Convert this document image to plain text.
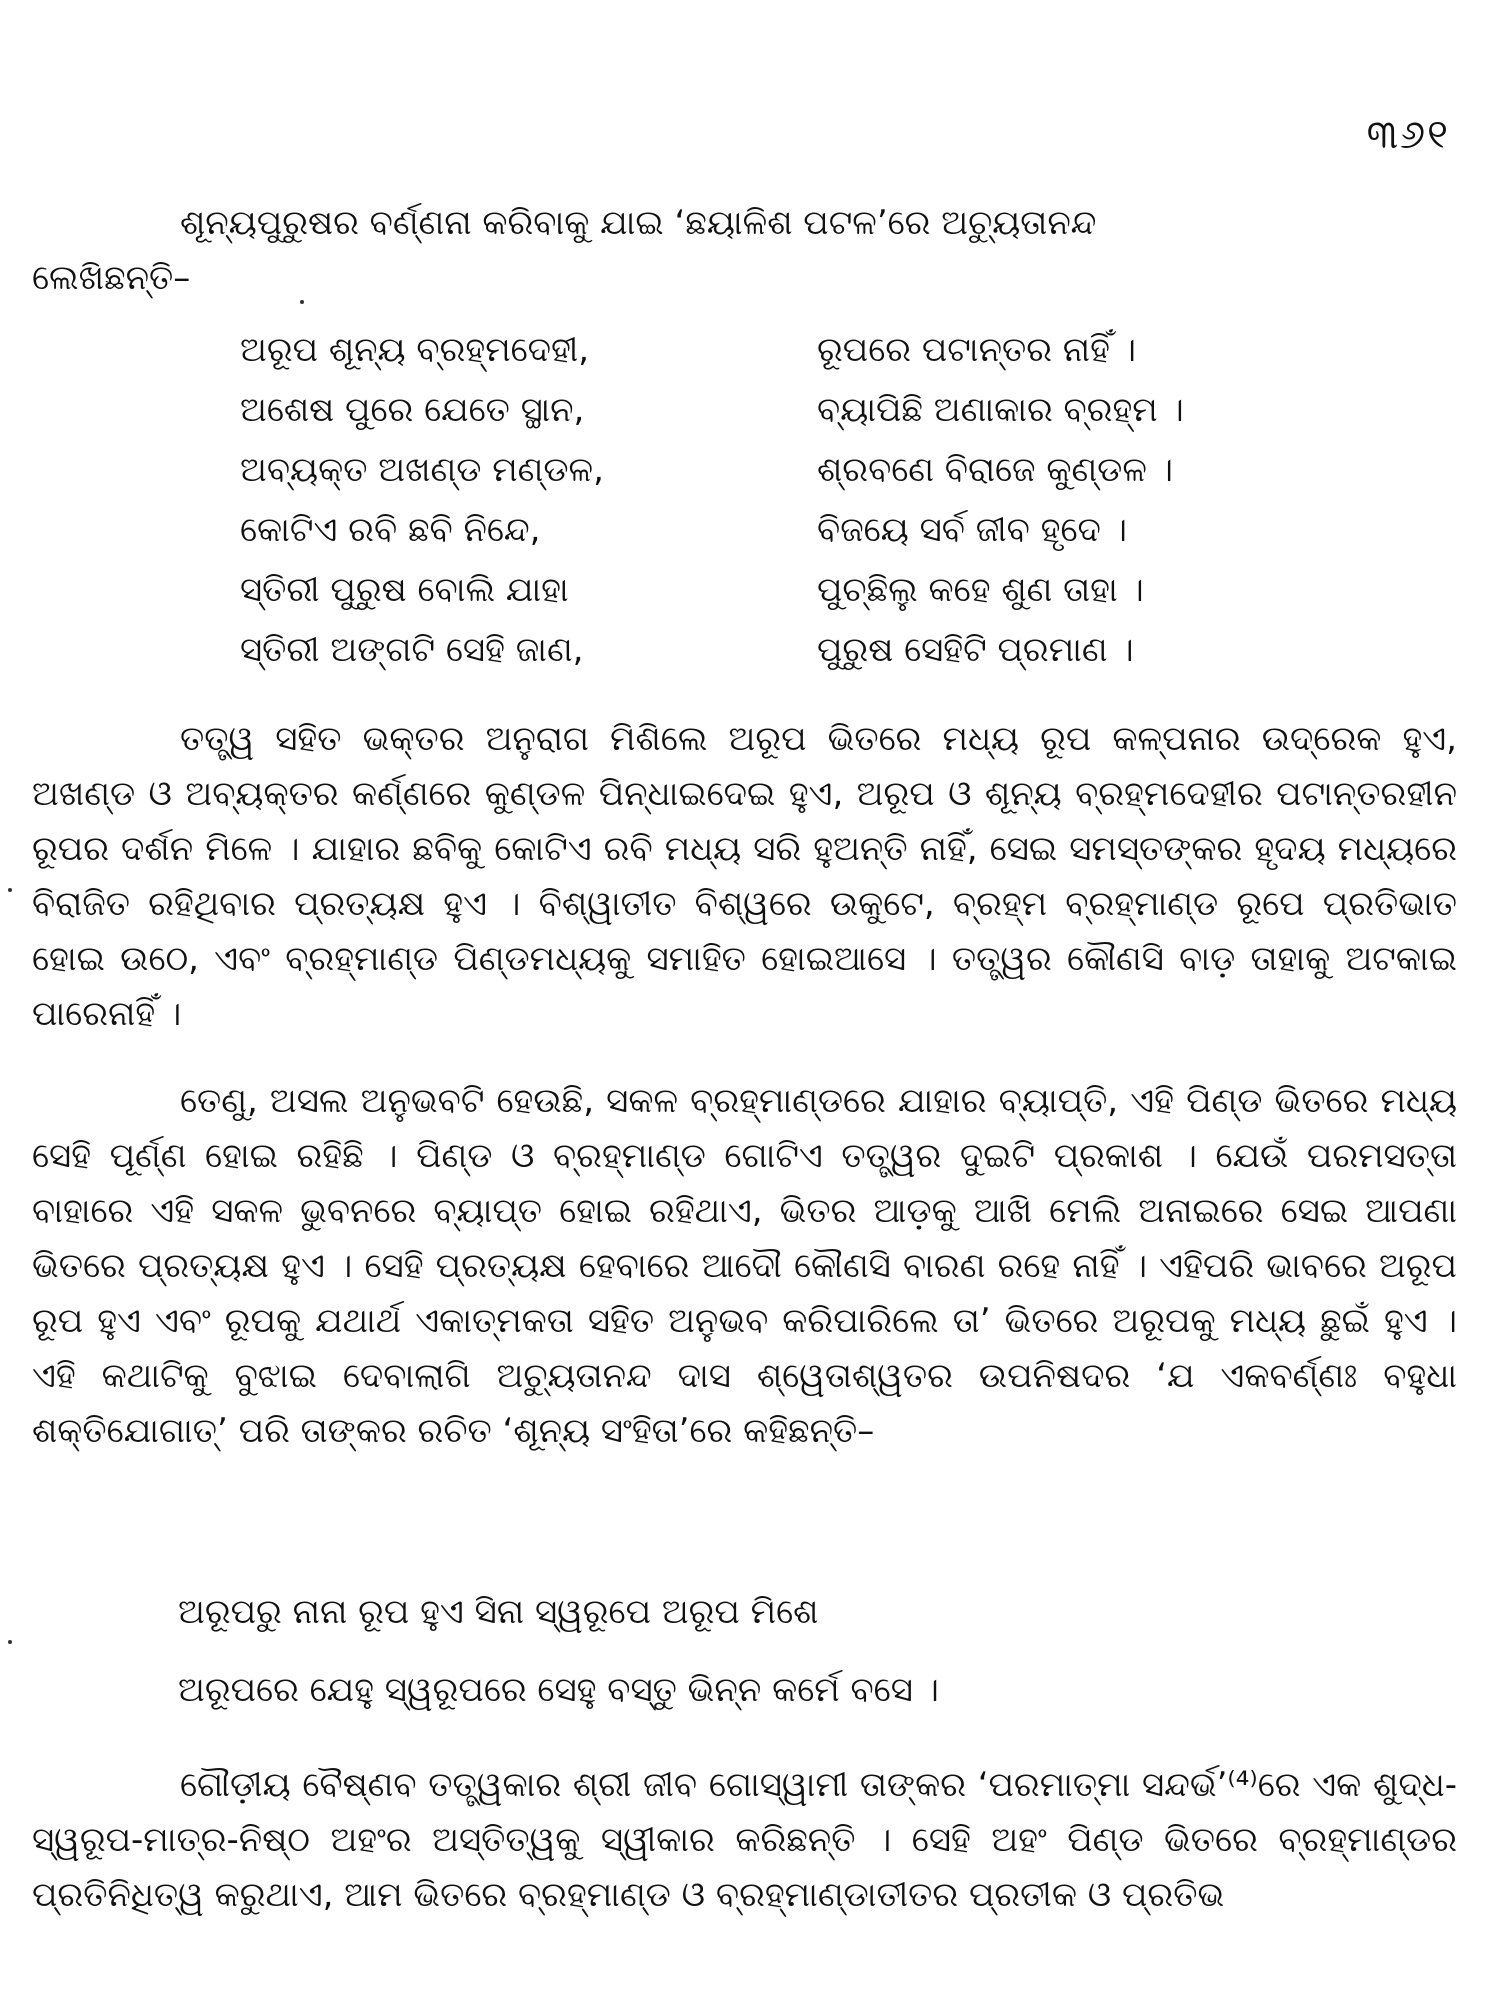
୩୬୧

ଶୂନ୍ୟପୁରୁଷର ବର୍ଣ୍ଣନା କରିବାକୁ ଯାଇ ‘ଛୟାଳିଶ ପଟଳ’ରେ ଅଚ୍ୟୁତାନନ୍ଦ

ଲେଖିଛନ୍ତି–

ଅରୂପ ଶୂନ୍ୟ ବ୍ରହ୍ମଦେହୀ,	ରୂପରେ ପଟାନ୍ତର ନାହିଁ ।
ଅଶେଷ ପୁରେ ଯେତେ ସ୍ଥାନ,	ବ୍ୟାପିଛି ଅଣାକାର ବ୍ରହ୍ମ ।
ଅବ୍ୟକ୍ତ ଅଖଣ୍ଡ ମଣ୍ଡଳ,	ଶ୍ରବଣେ ବିରାଜେ କୁଣ୍ଡଳ ।
କୋଟିଏ ରବି ଛବି ନିନ୍ଦେ,	ବିଜୟେ ସର୍ବ ଜୀବ ହୃଦେ ।
ସ୍ତିରୀ ପୁରୁଷ ବୋଲି ଯାହା	ପୁଚ୍ଛିଲୁ କହେ ଶୁଣ ତାହା ।
ସ୍ତିରୀ ଅଙ୍ଗଟି ସେହି ଜାଣ,	ପୁରୁଷ ସେହିଟି ପ୍ରମାଣ ।

ତତ୍ତ୍ୱ ସହିତ ଭକ୍ତର ଅନୁରାଗ ମିଶିଲେ ଅରୂପ ଭିତରେ ମଧ୍ୟ ରୂପ କଳ୍ପନାର ଉଦ୍ରେକ ହୁଏ, ଅଖଣ୍ଡ ଓ ଅବ୍ୟକ୍ତର କର୍ଣ୍ଣରେ କୁଣ୍ଡଳ ପିନ୍ଧାଇଦେଇ ହୁଏ, ଅରୂପ ଓ ଶୂନ୍ୟ ବ୍ରହ୍ମଦେହୀର ପଟାନ୍ତରହୀନ ରୂପର ଦର୍ଶନ ମିଳେ । ଯାହାର ଛବିକୁ କୋଟିଏ ରବି ମଧ୍ୟ ସରି ହୁଅନ୍ତି ନାହିଁ, ସେଇ ସମସ୍ତଙ୍କର ହୃଦୟ ମଧ୍ୟରେ ବିରାଜିତ ରହିଥିବାର ପ୍ରତ୍ୟକ୍ଷ ହୁଏ । ବିଶ୍ୱାତୀତ ବିଶ୍ୱରେ ଉକୁଟେ, ବ୍ରହ୍ମ ବ୍ରହ୍ମାଣ୍ଡ ରୂପେ ପ୍ରତିଭାତ ହୋଇ ଉଠେ, ଏବଂ ବ୍ରହ୍ମାଣ୍ଡ ପିଣ୍ଡମଧ୍ୟକୁ ସମାହିତ ହୋଇଆସେ । ତତ୍ତ୍ୱର କୌଣସି ବାଡ଼ ତାହାକୁ ଅଟକାଇ ପାରେନାହିଁ ।

ତେଣୁ, ଅସଲ ଅନୁଭବଟି ହେଉଛି, ସକଳ ବ୍ରହ୍ମାଣ୍ଡରେ ଯାହାର ବ୍ୟାପ୍ତି, ଏହି ପିଣ୍ଡ ଭିତରେ ମଧ୍ୟ ସେହି ପୂର୍ଣ୍ଣ ହୋଇ ରହିଛି । ପିଣ୍ଡ ଓ ବ୍ରହ୍ମାଣ୍ଡ ଗୋଟିଏ ତତ୍ତ୍ୱର ଦୁଇଟି ପ୍ରକାଶ । ଯେଉଁ ପରମସତ୍ତା ବାହାରେ ଏହି ସକଳ ଭୁବନରେ ବ୍ୟାପ୍ତ ହୋଇ ରହିଥାଏ, ଭିତର ଆଡ଼କୁ ଆଖି ମେଲି ଅନାଇରେ ସେଇ ଆପଣା ଭିତରେ ପ୍ରତ୍ୟକ୍ଷ ହୁଏ । ସେହି ପ୍ରତ୍ୟକ୍ଷ ହେବାରେ ଆଦୌ କୌଣସି ବାରଣ ରହେ ନାହିଁ । ଏହିପରି ଭାବରେ ଅରୂପ ରୂପ ହୁଏ ଏବଂ ରୂପକୁ ଯଥାର୍ଥ ଏକାତ୍ମକତା ସହିତ ଅନୁଭବ କରିପାରିଲେ ତା’ ଭିତରେ ଅରୂପକୁ ମଧ୍ୟ ଛୁଇଁ ହୁଏ । ଏହି କଥାଟିକୁ ବୁଝାଇ ଦେବାଲାଗି ଅଚ୍ୟୁତାନନ୍ଦ ଦାସ ଶ୍ୱେତାଶ୍ୱତର ଉପନିଷଦର ‘ଯ ଏକବର୍ଣ୍ଣଃ ବହୁଧା ଶକ୍ତିଯୋଗାତ୍’ ପରି ତାଙ୍କର ରଚିତ ‘ଶୂନ୍ୟ ସଂହିତା’ରେ କହିଛନ୍ତି–

ଅରୂପରୁ ନାନା ରୂପ ହୁଏ ସିନା ସ୍ୱରୂପେ ଅରୂପ ମିଶେ
ଅରୂପରେ ଯେହୁ ସ୍ୱରୂପରେ ସେହୁ ବସ୍ତୁ ଭିନ୍ନ କର୍ମେ ବସେ ।

ଗୌଡ଼ୀୟ ବୈଷ୍ଣବ ତତ୍ତ୍ୱକାର ଶ୍ରୀ ଜୀବ ଗୋସ୍ୱାମୀ ତାଙ୍କର ‘ପରମାତ୍ମା ସନ୍ଦର୍ଭ’⁽⁴⁾ରେ ଏକ ଶୁଦ୍ଧ-ସ୍ୱରୂପ-ମାତ୍ର-ନିଷ୍ଠ ଅହଂର ଅସ୍ତିତ୍ୱକୁ ସ୍ୱୀକାର କରିଛନ୍ତି । ସେହି ଅହଂ ପିଣ୍ଡ ଭିତରେ ବ୍ରହ୍ମାଣ୍ଡର ପ୍ରତିନିଧିତ୍ୱ କରୁଥାଏ, ଆମ ଭିତରେ ବ୍ରହ୍ମାଣ୍ଡ ଓ ବ୍ରହ୍ମାଣ୍ଡାତୀତର ପ୍ରତୀକ ଓ ପ୍ରତିଭ
